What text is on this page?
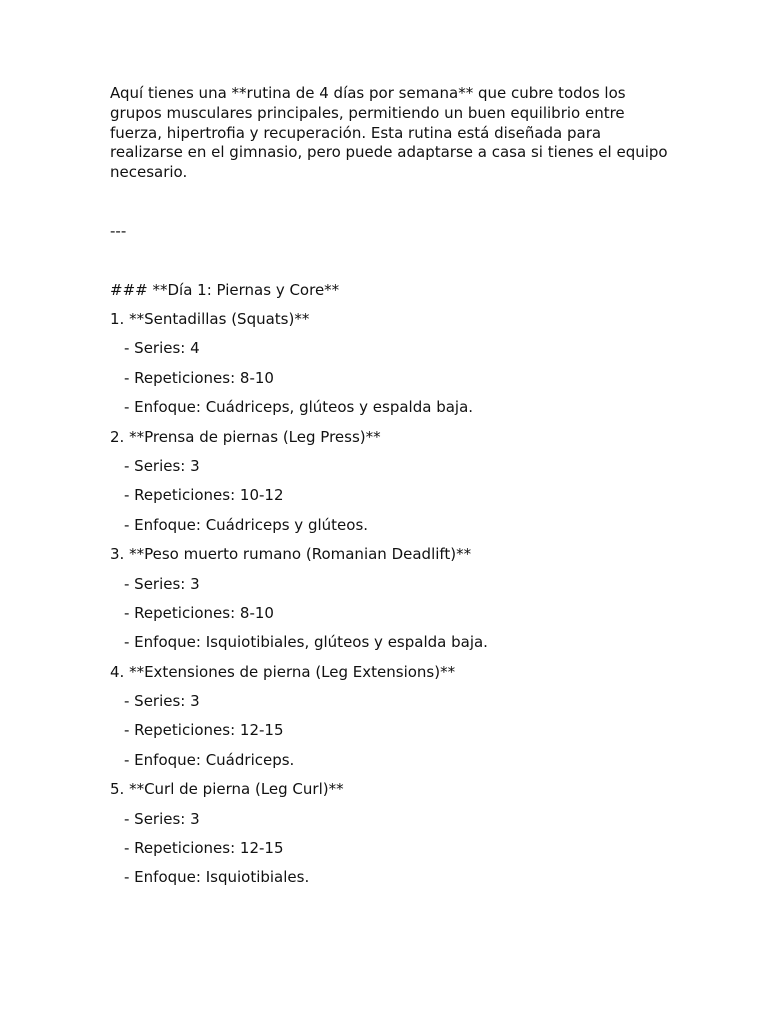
Aquí tienes una **rutina de 4 días por semana** que cubre todos los grupos musculares principales, permitiendo un buen equilibrio entre fuerza, hipertrofia y recuperación. Esta rutina está diseñada para realizarse en el gimnasio, pero puede adaptarse a casa si tienes el equipo necesario.

---

### **Día 1: Piernas y Core**

1. **Sentadillas (Squats)**
- Series: 4
- Repeticiones: 8-10
- Enfoque: Cuádriceps, glúteos y espalda baja.
2. **Prensa de piernas (Leg Press)**
- Series: 3
- Repeticiones: 10-12
- Enfoque: Cuádriceps y glúteos.
3. **Peso muerto rumano (Romanian Deadlift)**
- Series: 3
- Repeticiones: 8-10
- Enfoque: Isquiotibiales, glúteos y espalda baja.
4. **Extensiones de pierna (Leg Extensions)**
- Series: 3
- Repeticiones: 12-15
- Enfoque: Cuádriceps.
5. **Curl de pierna (Leg Curl)**
- Series: 3
- Repeticiones: 12-15
- Enfoque: Isquiotibiales.
